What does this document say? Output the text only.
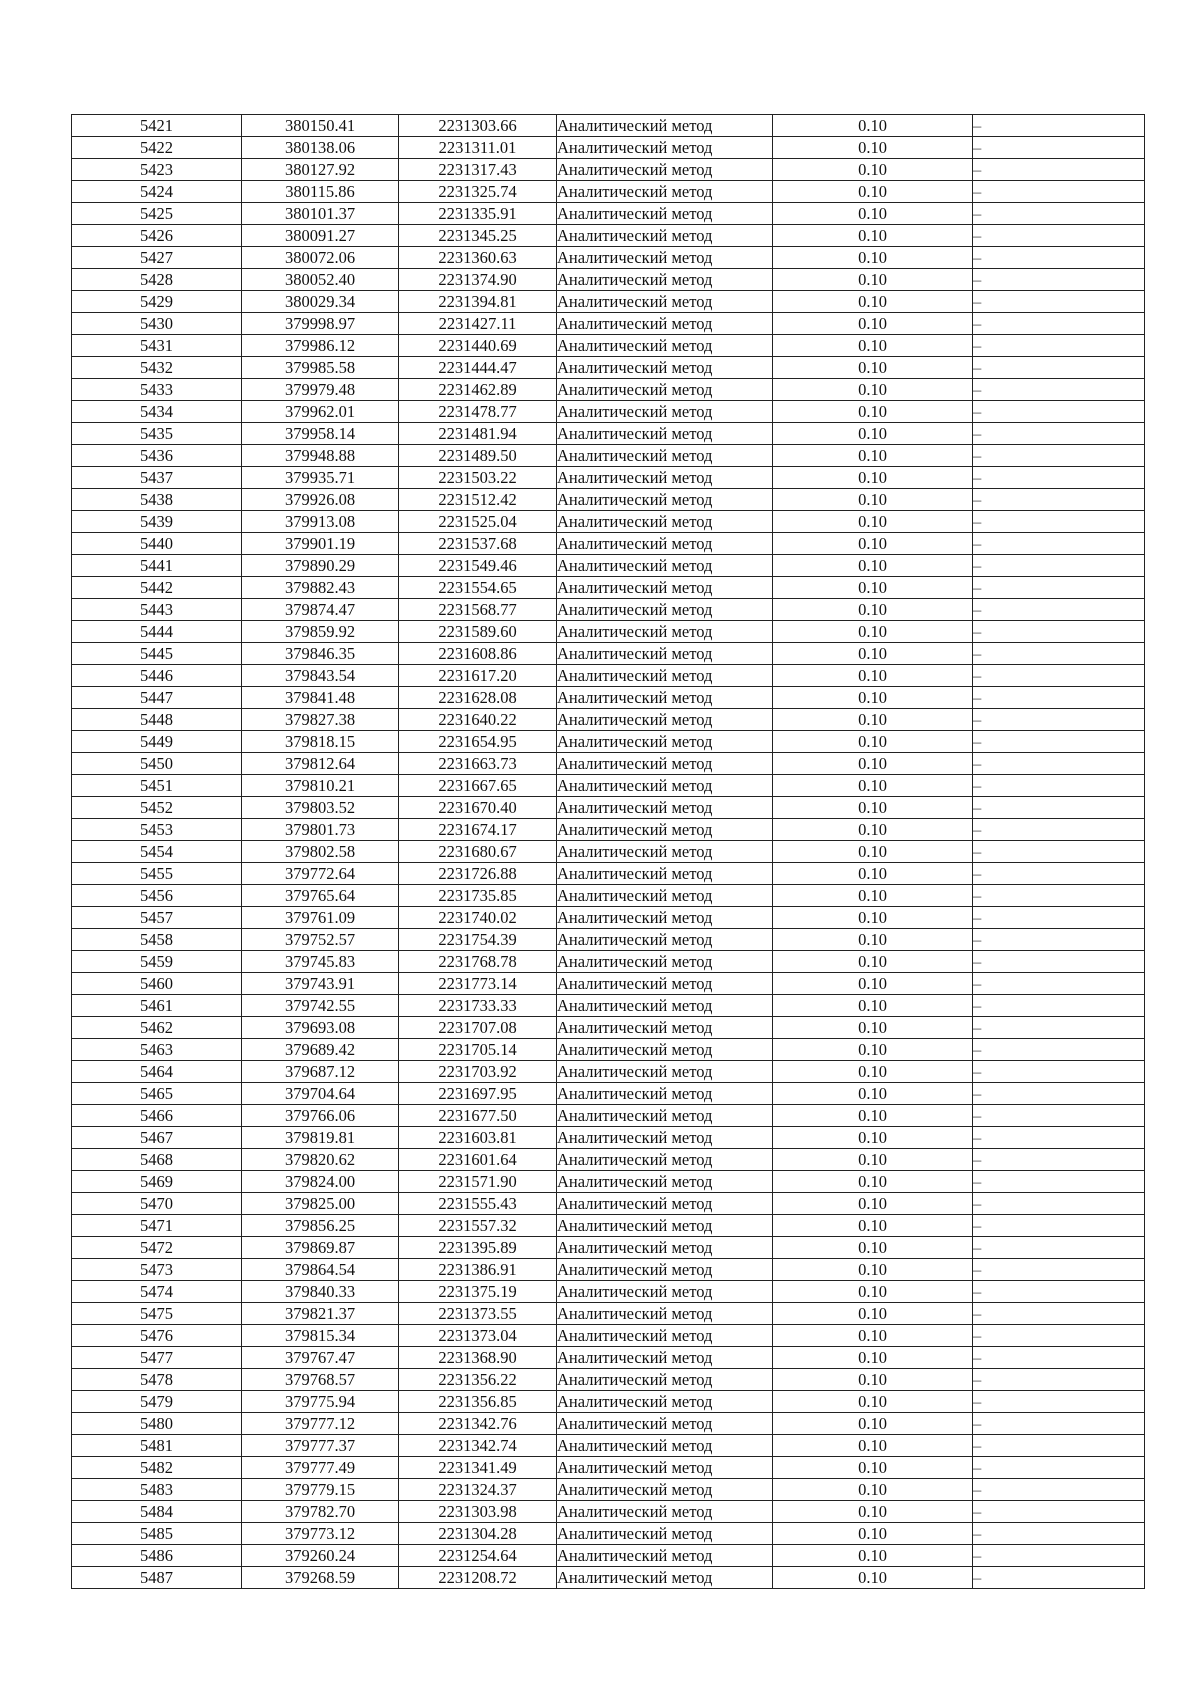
5421	380150.41	2231303.66	Аналитический метод	0.10	–
5422	380138.06	2231311.01	Аналитический метод	0.10	–
5423	380127.92	2231317.43	Аналитический метод	0.10	–
5424	380115.86	2231325.74	Аналитический метод	0.10	–
5425	380101.37	2231335.91	Аналитический метод	0.10	–
5426	380091.27	2231345.25	Аналитический метод	0.10	–
5427	380072.06	2231360.63	Аналитический метод	0.10	–
5428	380052.40	2231374.90	Аналитический метод	0.10	–
5429	380029.34	2231394.81	Аналитический метод	0.10	–
5430	379998.97	2231427.11	Аналитический метод	0.10	–
5431	379986.12	2231440.69	Аналитический метод	0.10	–
5432	379985.58	2231444.47	Аналитический метод	0.10	–
5433	379979.48	2231462.89	Аналитический метод	0.10	–
5434	379962.01	2231478.77	Аналитический метод	0.10	–
5435	379958.14	2231481.94	Аналитический метод	0.10	–
5436	379948.88	2231489.50	Аналитический метод	0.10	–
5437	379935.71	2231503.22	Аналитический метод	0.10	–
5438	379926.08	2231512.42	Аналитический метод	0.10	–
5439	379913.08	2231525.04	Аналитический метод	0.10	–
5440	379901.19	2231537.68	Аналитический метод	0.10	–
5441	379890.29	2231549.46	Аналитический метод	0.10	–
5442	379882.43	2231554.65	Аналитический метод	0.10	–
5443	379874.47	2231568.77	Аналитический метод	0.10	–
5444	379859.92	2231589.60	Аналитический метод	0.10	–
5445	379846.35	2231608.86	Аналитический метод	0.10	–
5446	379843.54	2231617.20	Аналитический метод	0.10	–
5447	379841.48	2231628.08	Аналитический метод	0.10	–
5448	379827.38	2231640.22	Аналитический метод	0.10	–
5449	379818.15	2231654.95	Аналитический метод	0.10	–
5450	379812.64	2231663.73	Аналитический метод	0.10	–
5451	379810.21	2231667.65	Аналитический метод	0.10	–
5452	379803.52	2231670.40	Аналитический метод	0.10	–
5453	379801.73	2231674.17	Аналитический метод	0.10	–
5454	379802.58	2231680.67	Аналитический метод	0.10	–
5455	379772.64	2231726.88	Аналитический метод	0.10	–
5456	379765.64	2231735.85	Аналитический метод	0.10	–
5457	379761.09	2231740.02	Аналитический метод	0.10	–
5458	379752.57	2231754.39	Аналитический метод	0.10	–
5459	379745.83	2231768.78	Аналитический метод	0.10	–
5460	379743.91	2231773.14	Аналитический метод	0.10	–
5461	379742.55	2231733.33	Аналитический метод	0.10	–
5462	379693.08	2231707.08	Аналитический метод	0.10	–
5463	379689.42	2231705.14	Аналитический метод	0.10	–
5464	379687.12	2231703.92	Аналитический метод	0.10	–
5465	379704.64	2231697.95	Аналитический метод	0.10	–
5466	379766.06	2231677.50	Аналитический метод	0.10	–
5467	379819.81	2231603.81	Аналитический метод	0.10	–
5468	379820.62	2231601.64	Аналитический метод	0.10	–
5469	379824.00	2231571.90	Аналитический метод	0.10	–
5470	379825.00	2231555.43	Аналитический метод	0.10	–
5471	379856.25	2231557.32	Аналитический метод	0.10	–
5472	379869.87	2231395.89	Аналитический метод	0.10	–
5473	379864.54	2231386.91	Аналитический метод	0.10	–
5474	379840.33	2231375.19	Аналитический метод	0.10	–
5475	379821.37	2231373.55	Аналитический метод	0.10	–
5476	379815.34	2231373.04	Аналитический метод	0.10	–
5477	379767.47	2231368.90	Аналитический метод	0.10	–
5478	379768.57	2231356.22	Аналитический метод	0.10	–
5479	379775.94	2231356.85	Аналитический метод	0.10	–
5480	379777.12	2231342.76	Аналитический метод	0.10	–
5481	379777.37	2231342.74	Аналитический метод	0.10	–
5482	379777.49	2231341.49	Аналитический метод	0.10	–
5483	379779.15	2231324.37	Аналитический метод	0.10	–
5484	379782.70	2231303.98	Аналитический метод	0.10	–
5485	379773.12	2231304.28	Аналитический метод	0.10	–
5486	379260.24	2231254.64	Аналитический метод	0.10	–
5487	379268.59	2231208.72	Аналитический метод	0.10	–
